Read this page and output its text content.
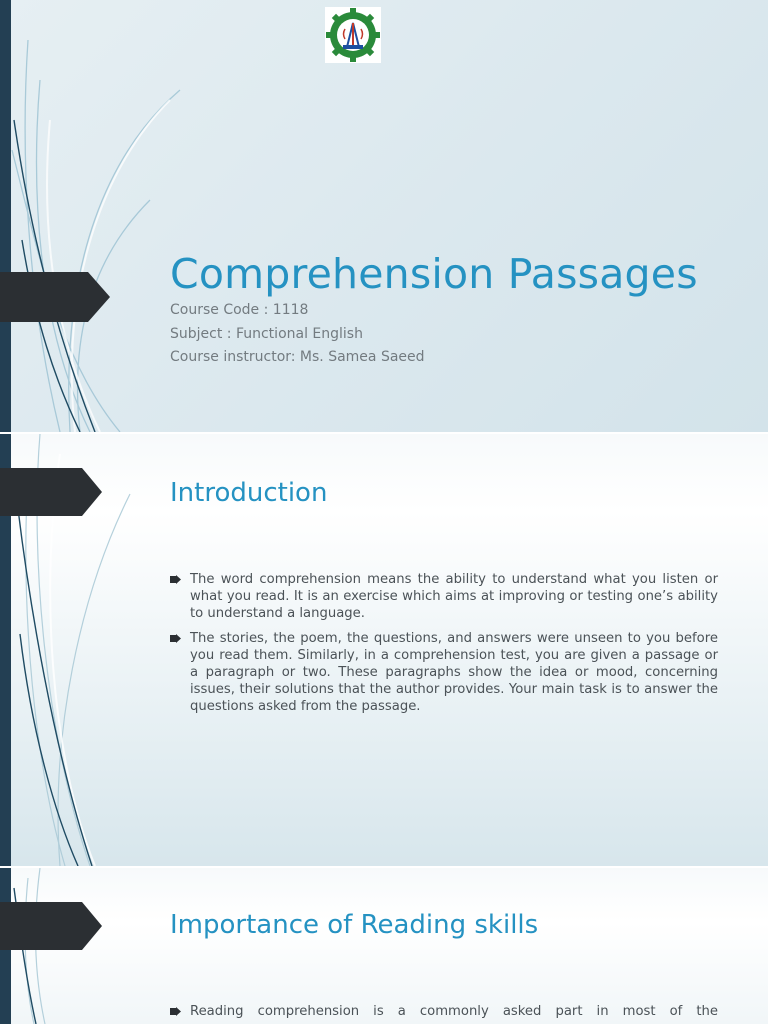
Comprehension Passages
Course Code : 1118
Subject : Functional English
Course instructor: Ms. Samea Saeed
Introduction
The word comprehension means the ability to understand what you listen or what you read. It is an exercise which aims at improving or testing one’s ability to understand a language.
The stories, the poem, the questions, and answers were unseen to you before you read them. Similarly, in a comprehension test, you are given a passage or a paragraph or two. These paragraphs show the idea or mood, concerning issues, their solutions that the author provides. Your main task is to answer the questions asked from the passage.
Importance of Reading skills
Reading comprehension is a commonly asked part in most of the
